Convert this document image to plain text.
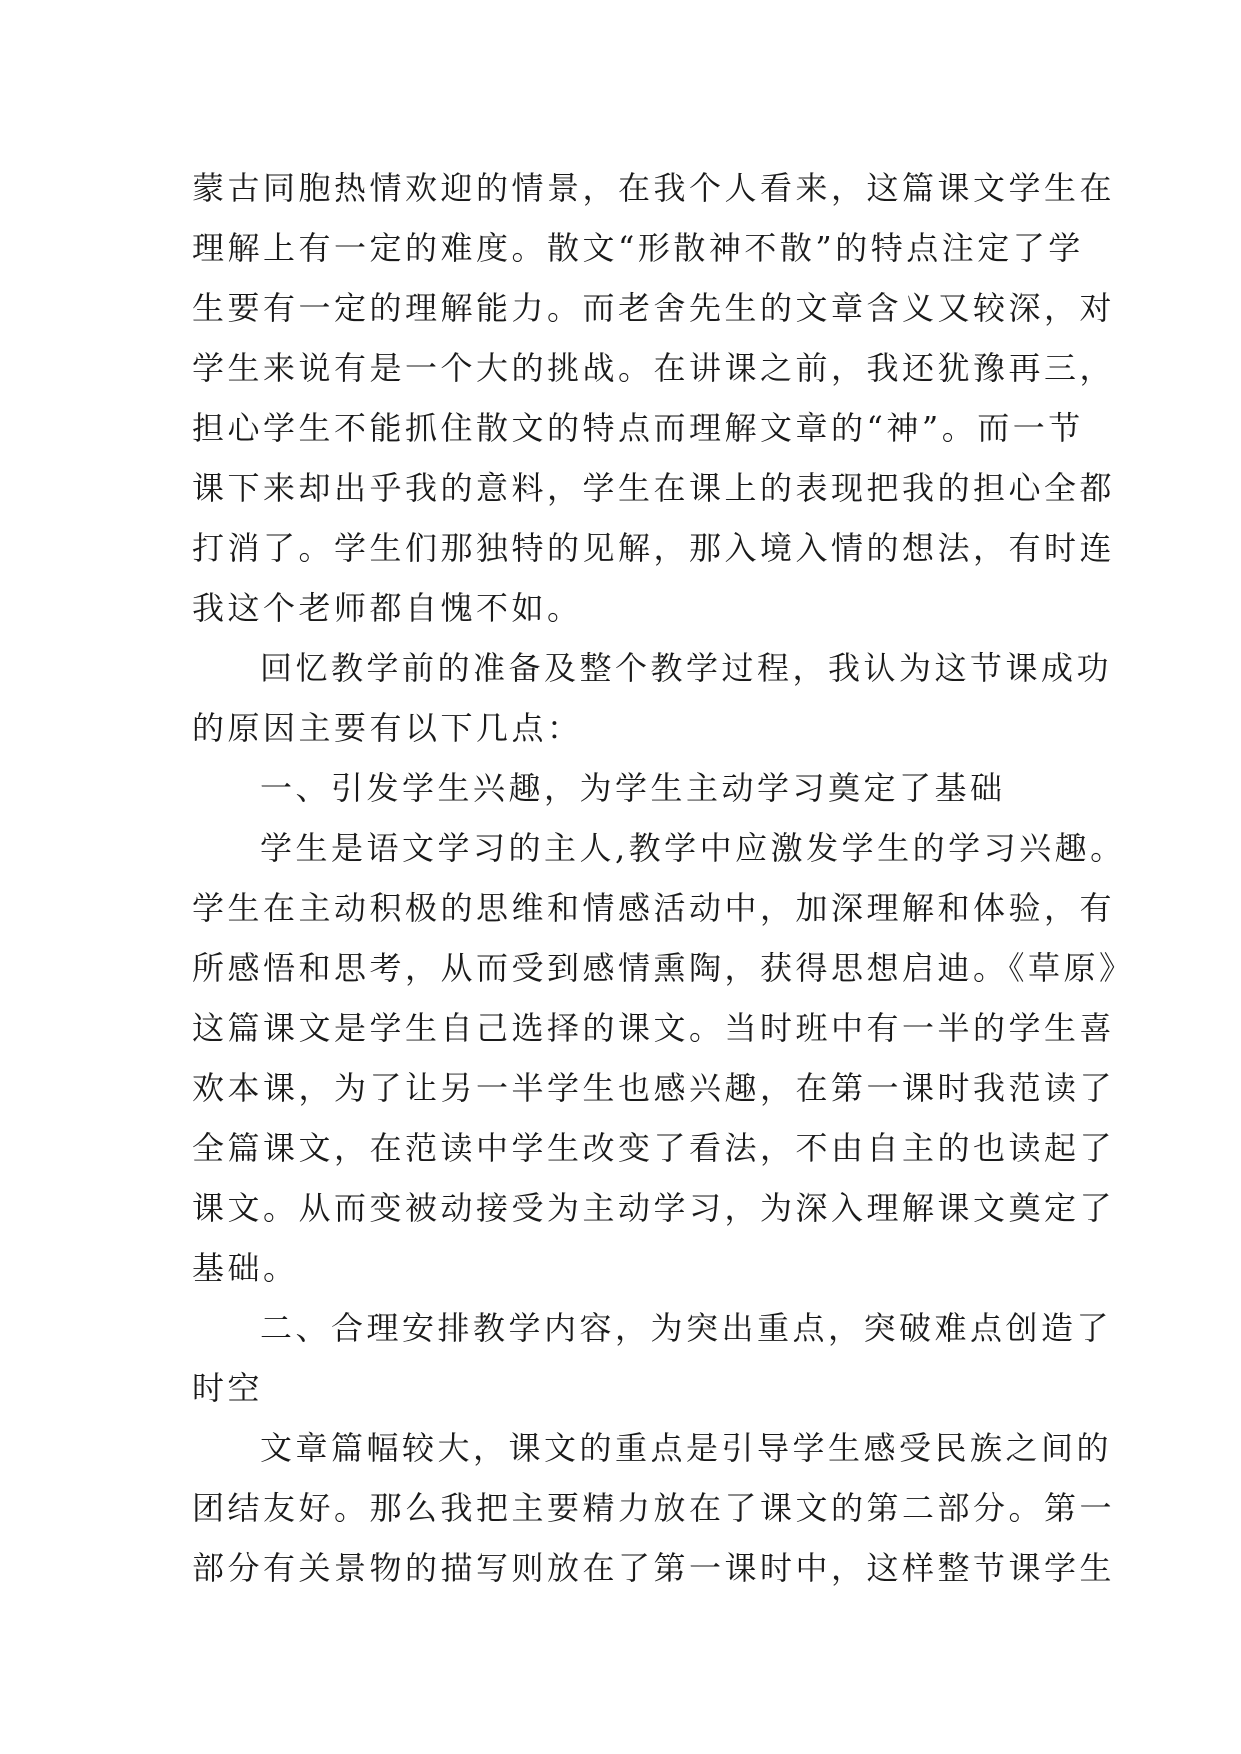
蒙古同胞热情欢迎的情景，在我个人看来，这篇课文学生在
理解上有一定的难度。散文“形散神不散”的特点注定了学
生要有一定的理解能力。而老舍先生的文章含义又较深，对
学生来说有是一个大的挑战。在讲课之前，我还犹豫再三，
担心学生不能抓住散文的特点而理解文章的“神”。而一节
课下来却出乎我的意料，学生在课上的表现把我的担心全都
打消了。学生们那独特的见解，那入境入情的想法，有时连
我这个老师都自愧不如。
回忆教学前的准备及整个教学过程，我认为这节课成功
的原因主要有以下几点：
一、引发学生兴趣，为学生主动学习奠定了基础
学生是语文学习的主人,教学中应激发学生的学习兴趣。
学生在主动积极的思维和情感活动中，加深理解和体验，有
所感悟和思考，从而受到感情熏陶，获得思想启迪。《草原》
这篇课文是学生自己选择的课文。当时班中有一半的学生喜
欢本课，为了让另一半学生也感兴趣，在第一课时我范读了
全篇课文，在范读中学生改变了看法，不由自主的也读起了
课文。从而变被动接受为主动学习，为深入理解课文奠定了
基础。
二、合理安排教学内容，为突出重点，突破难点创造了
时空
文章篇幅较大，课文的重点是引导学生感受民族之间的
团结友好。那么我把主要精力放在了课文的第二部分。第一
部分有关景物的描写则放在了第一课时中，这样整节课学生
